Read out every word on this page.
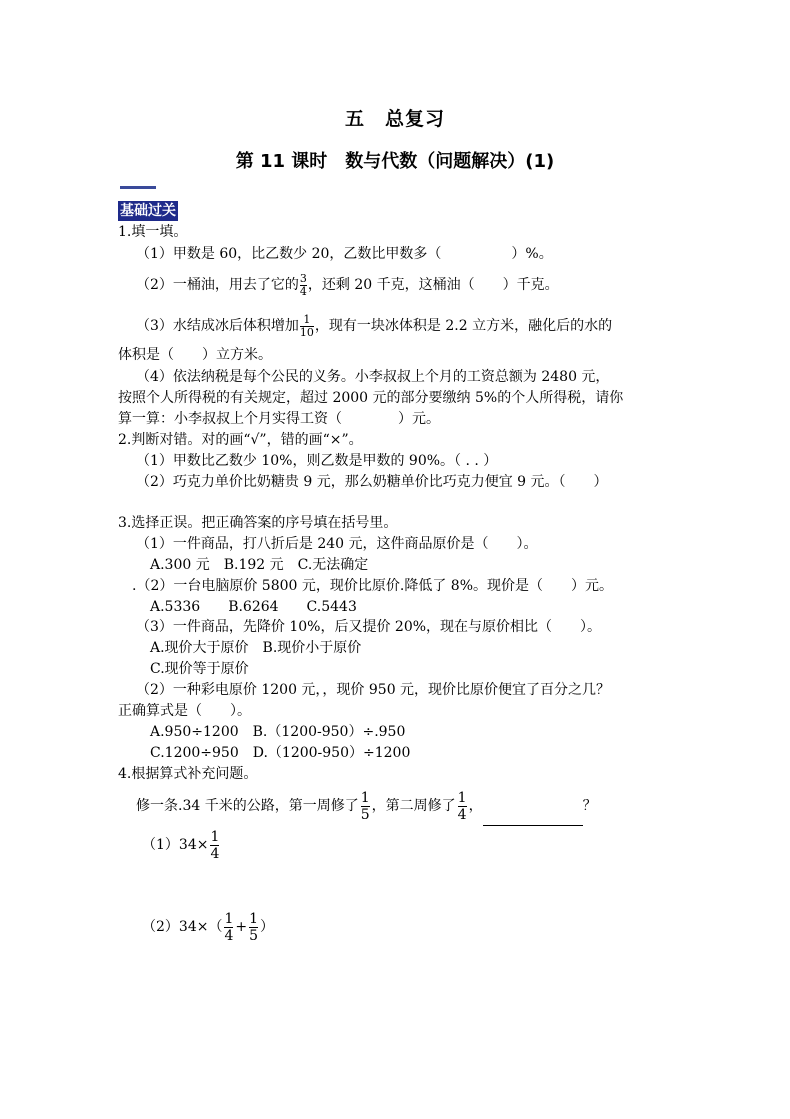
五　总复习
第 11 课时　数与代数（问题解决）(1)
基础过关
1.填一填。
（1）甲数是 60，比乙数少 20，乙数比甲数多（　　　　　）%。
（2）一桶油，用去了它的 $\frac{3}{4}$ ，还剩 20 千克，这桶油（　　）千克。
（3）水结成冰后体积增加 $\frac{1}{10}$ ，现有一块冰体积是 2.2 立方米，融化后的水的
体积是（　　）立方米。
（4）依法纳税是每个公民的义务。小李叔叔上个月的工资总额为 2480 元，
按照个人所得税的有关规定，超过 2000 元的部分要缴纳 5%的个人所得税，请你
算一算：小李叔叔上个月实得工资（　　　　）元。
2.判断对错。对的画“√”，错的画“×”。
（1）甲数比乙数少 10%，则乙数是甲数的 90%。（ . . ）
（2）巧克力单价比奶糖贵 9 元，那么奶糖单价比巧克力便宜 9 元。（　　）
3.选择正误。把正确答案的序号填在括号里。
（1）一件商品，打八折后是 240 元，这件商品原价是（　　）。
A.300 元　B.192 元　C.无法确定
.（2）一台电脑原价 5800 元，现价比原价.降低了 8%。现价是（　　）元。
A.5336　　B.6264　　C.5443
（3）一件商品，先降价 10%，后又提价 20%，现在与原价相比（　　）。
A.现价大于原价　B.现价小于原价
C.现价等于原价
（2）一种彩电原价 1200 元，，现价 950 元，现价比原价便宜了百分之几？
正确算式是（　　）。
A.950÷1200　B.（1200-950）÷.950
C.1200÷950　D.（1200-950）÷1200
4.根据算式补充问题。
修一条.34 千米的公路，第一周修了 $\frac{1}{5}$ ，第二周修了 $\frac{1}{4}$ ，	？
$(1)34\times \frac{1}{4}$
$(2)34\times( \frac{1}{4} + \frac{1}{5}$ ）
